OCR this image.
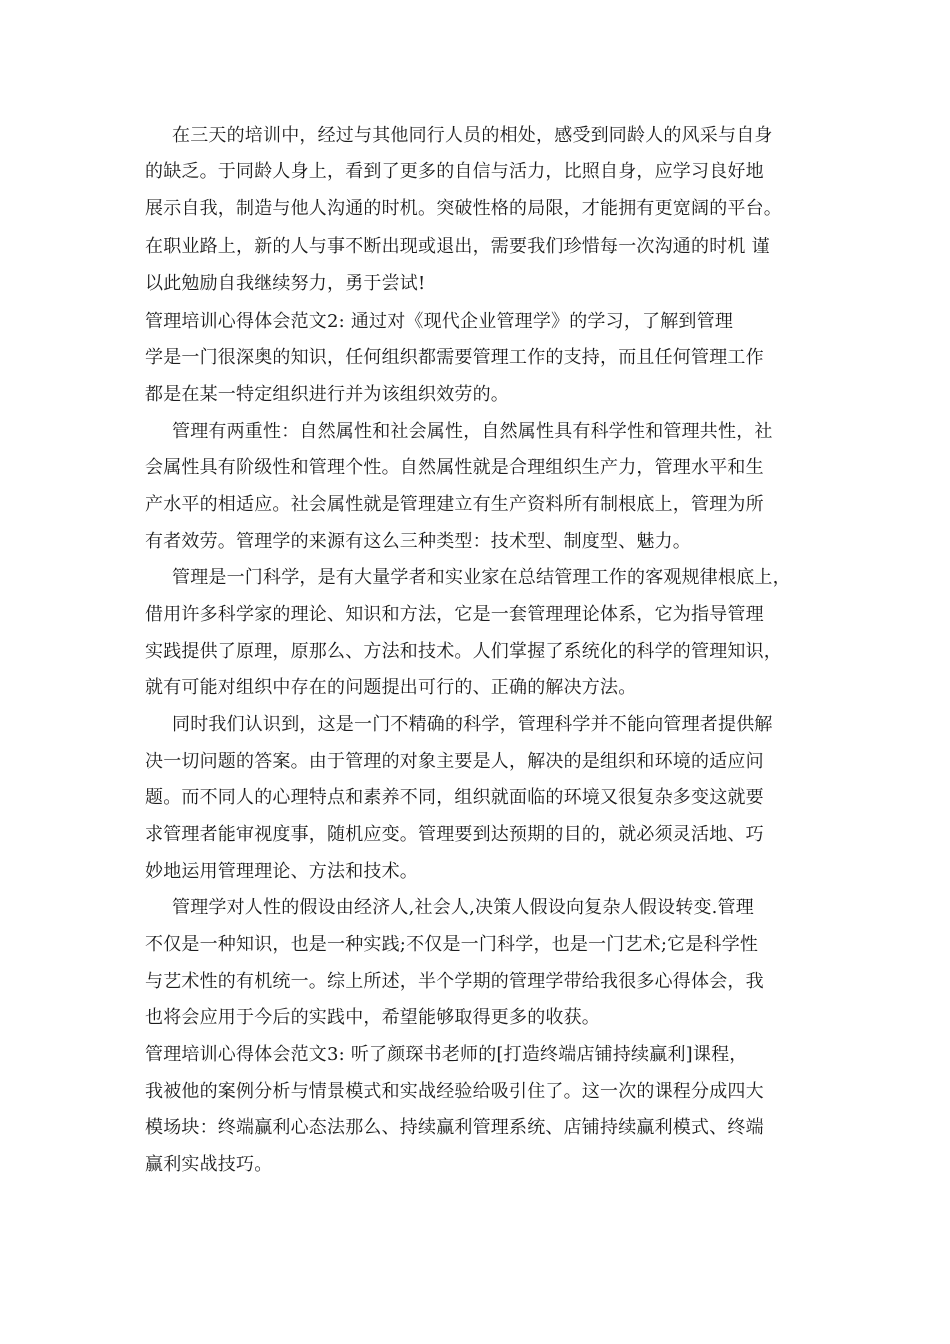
在三天的培训中，经过与其他同行人员的相处，感受到同龄人的风采与自身
的缺乏。于同龄人身上，看到了更多的自信与活力，比照自身，应学习良好地
展示自我，制造与他人沟通的时机。突破性格的局限，才能拥有更宽阔的平台。
在职业路上，新的人与事不断出现或退出，需要我们珍惜每一次沟通的时机 谨
以此勉励自我继续努力，勇于尝试!
管理培训心得体会范文2: 通过对《现代企业管理学》的学习，了解到管理
学是一门很深奥的知识，任何组织都需要管理工作的支持，而且任何管理工作
都是在某一特定组织进行并为该组织效劳的。
管理有两重性：自然属性和社会属性，自然属性具有科学性和管理共性，社
会属性具有阶级性和管理个性。自然属性就是合理组织生产力，管理水平和生
产水平的相适应。社会属性就是管理建立有生产资料所有制根底上，管理为所
有者效劳。管理学的来源有这么三种类型：技术型、制度型、魅力。
管理是一门科学，是有大量学者和实业家在总结管理工作的客观规律根底上，
借用许多科学家的理论、知识和方法，它是一套管理理论体系，它为指导管理
实践提供了原理，原那么、方法和技术。人们掌握了系统化的科学的管理知识，
就有可能对组织中存在的问题提出可行的、正确的解决方法。
同时我们认识到，这是一门不精确的科学，管理科学并不能向管理者提供解
决一切问题的答案。由于管理的对象主要是人，解决的是组织和环境的适应问
题。而不同人的心理特点和素养不同，组织就面临的环境又很复杂多变这就要
求管理者能审视度事，随机应变。管理要到达预期的目的，就必须灵活地、巧
妙地运用管理理论、方法和技术。
管理学对人性的假设由经济人,社会人,决策人假设向复杂人假设转变.管理
不仅是一种知识，也是一种实践;不仅是一门科学，也是一门艺术;它是科学性
与艺术性的有机统一。综上所述，半个学期的管理学带给我很多心得体会，我
也将会应用于今后的实践中，希望能够取得更多的收获。
管理培训心得体会范文3: 听了颜琛书老师的[打造终端店铺持续赢利]课程，
我被他的案例分析与情景模式和实战经验给吸引住了。这一次的课程分成四大
模场块：终端赢利心态法那么、持续赢利管理系统、店铺持续赢利模式、终端
赢利实战技巧。
